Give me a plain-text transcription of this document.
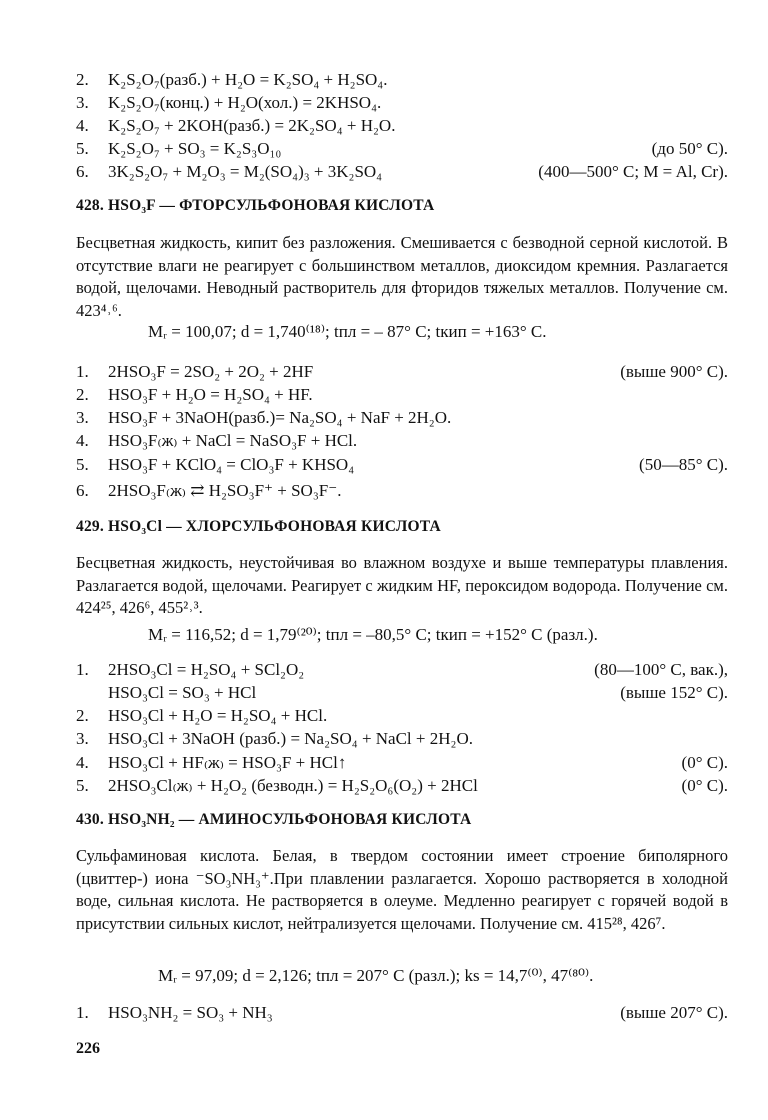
2.	K₂S₂O₇(разб.) + H₂O = K₂SO₄ + H₂SO₄.
3.	K₂S₂O₇(конц.) + H₂O(хол.) = 2KHSO₄.
4.	K₂S₂O₇ + 2KOH(разб.) = 2K₂SO₄ + H₂O.
5.	K₂S₂O₇ + SO₃ = K₂S₃O₁₀	(до 50° С).
6.	3K₂S₂O₇ + M₂O₃ = M₂(SO₄)₃ + 3K₂SO₄	(400—500° С; M = Al, Cr).
428. HSO₃F — ФТОРСУЛЬФОНОВАЯ КИСЛОТА
Бесцветная жидкость, кипит без разложения. Смешивается с безводной серной кислотой. В отсутствие влаги не реагирует с большинством металлов, диоксидом кремния. Разлагается водой, щелочами. Неводный растворитель для фторидов тяжелых металлов. Получение см. 423⁴˒⁶.
Mᵣ = 100,07; d = 1,740⁽¹⁸⁾; tпл = – 87° С; tкип = +163° С.
1.	2HSO₃F = 2SO₂ + 2O₂ + 2HF	(выше 900° С).
2.	HSO₃F + H₂O = H₂SO₄ + HF.
3.	HSO₃F + 3NaOH(разб.)= Na₂SO₄ + NaF + 2H₂O.
4.	HSO₃F₍ж₎ + NaCl = NaSO₃F + HCl.
5.	HSO₃F + KClO₄ = ClO₃F + KHSO₄	(50—85° С).
6.	2HSO₃F₍ж₎ ⇄ H₂SO₃F⁺ + SO₃F⁻.
429. HSO₃Cl — ХЛОРСУЛЬФОНОВАЯ КИСЛОТА
Бесцветная жидкость, неустойчивая во влажном воздухе и выше температуры плавления. Разлагается водой, щелочами. Реагирует с жидким HF, пероксидом водорода. Получение см. 424²⁵, 426⁶, 455²˒³.
Mᵣ = 116,52; d = 1,79⁽²⁰⁾; tпл = –80,5° С; tкип = +152° С (разл.).
1.	2HSO₃Cl = H₂SO₄ + SCl₂O₂	(80—100° С, вак.),
HSO₃Cl = SO₃ + HCl	(выше 152° С).
2.	HSO₃Cl + H₂O = H₂SO₄ + HCl.
3.	HSO₃Cl + 3NaOH (разб.) = Na₂SO₄ + NaCl + 2H₂O.
4.	HSO₃Cl + HF₍ж₎ = HSO₃F + HCl↑	(0° С).
5.	2HSO₃Cl₍ж₎ + H₂O₂ (безводн.) = H₂S₂O₆(O₂) + 2HCl	(0° С).
430. HSO₃NH₂ — АМИНОСУЛЬФОНОВАЯ КИСЛОТА
Сульфаминовая кислота. Белая, в твердом состоянии имеет строение биполярного (цвиттер-) иона ⁻SO₃NH₃⁺.При плавлении разлагается. Хорошо растворяется в холодной воде, сильная кислота. Не растворяется в олеуме. Медленно реагирует с горячей водой в присутствии сильных кислот, нейтрализуется щелочами. Получение см. 415²⁸, 426⁷.
Mᵣ = 97,09; d = 2,126; tпл = 207° С (разл.); ks = 14,7⁽⁰⁾, 47⁽⁸⁰⁾.
1.	HSO₃NH₂ = SO₃ + NH₃	(выше 207° С).
226
